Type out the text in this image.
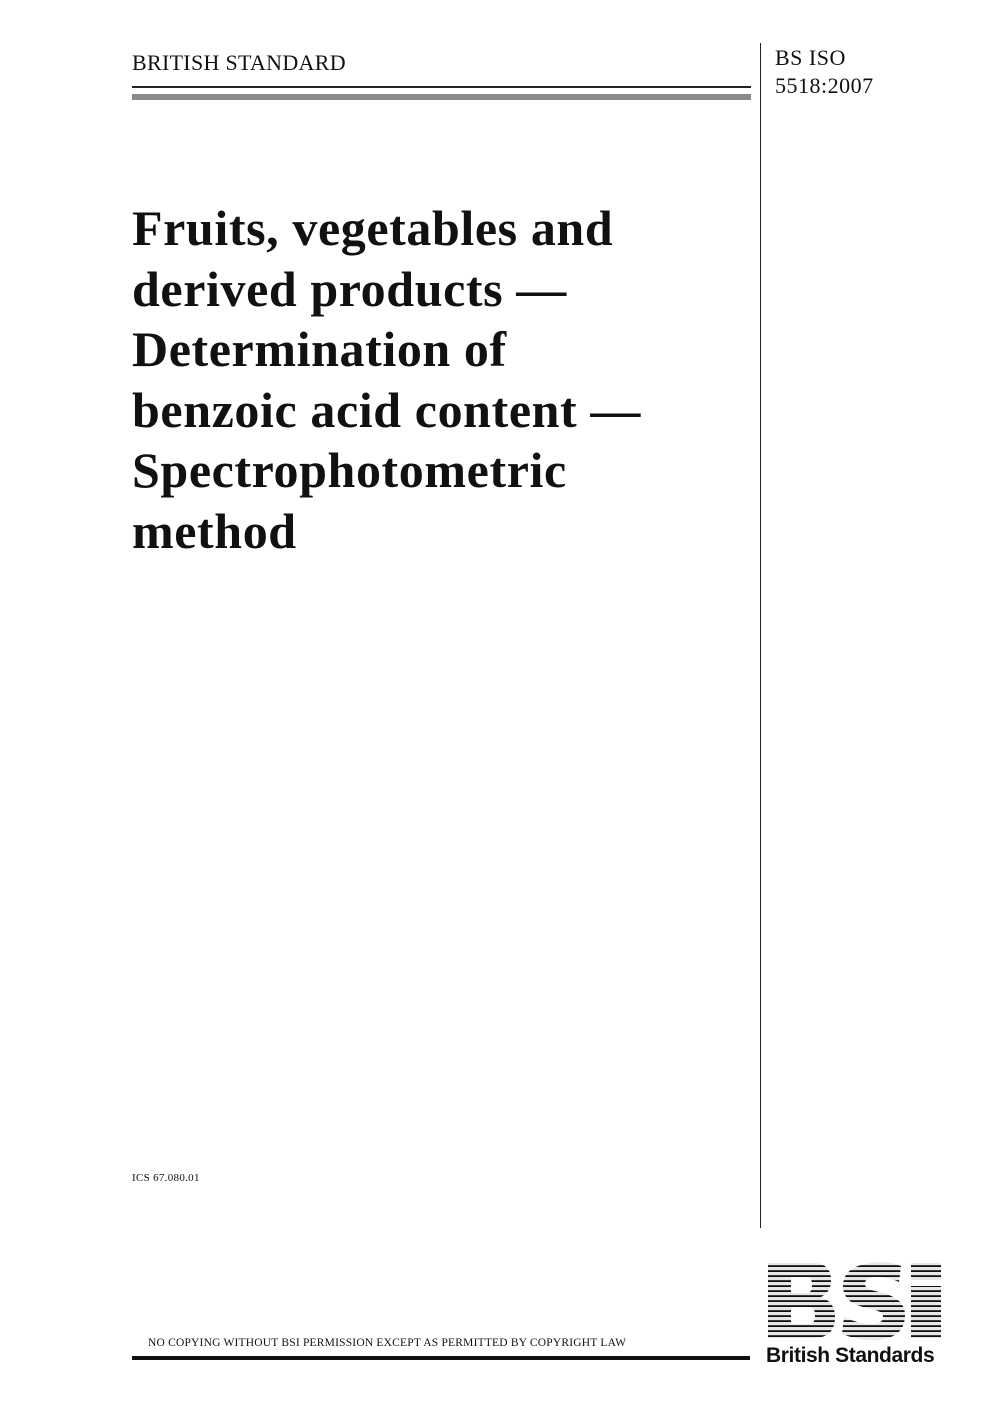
BRITISH STANDARD	BS ISO
5518:2007
Fruits, vegetables and
derived products —
Determination of
benzoic acid content —
Spectrophotometric
method
ICS 67.080.01
NO COPYING WITHOUT BSI PERMISSION EXCEPT AS PERMITTED BY COPYRIGHT LAW
British Standards
